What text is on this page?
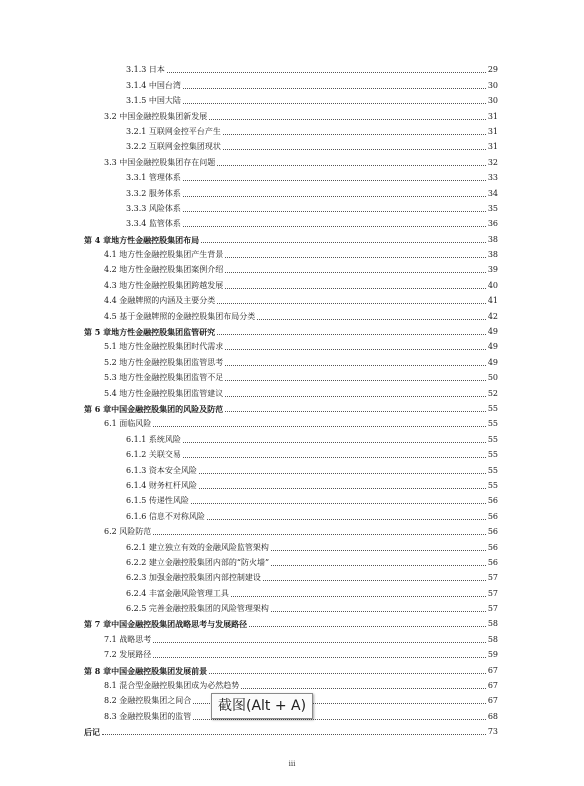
3.1.3 日本	29
3.1.4 中国台湾	30
3.1.5 中国大陆	30
3.2 中国金融控股集团新发展	31
3.2.1 互联网金控平台产生	31
3.2.2 互联网金控集团现状	31
3.3 中国金融控股集团存在问题	32
3.3.1 管理体系	33
3.3.2 服务体系	34
3.3.3 风险体系	35
3.3.4 监管体系	36
第 4 章地方性金融控股集团布局	38
4.1 地方性金融控股集团产生背景	38
4.2 地方性金融控股集团案例介绍	39
4.3 地方性金融控股集团跨越发展	40
4.4 金融牌照的内涵及主要分类	41
4.5 基于金融牌照的金融控股集团布局分类	42
第 5 章地方性金融控股集团监管研究	49
5.1 地方性金融控股集团时代需求	49
5.2 地方性金融控股集团监管思考	49
5.3 地方性金融控股集团监管不足	50
5.4 地方性金融控股集团监管建议	52
第 6 章中国金融控股集团的风险及防范	55
6.1 面临风险	55
6.1.1 系统风险	55
6.1.2 关联交易	55
6.1.3 资本安全风险	55
6.1.4 财务杠杆风险	55
6.1.5 传递性风险	56
6.1.6 信息不对称风险	56
6.2 风险防范	56
6.2.1 建立独立有效的金融风险监管架构	56
6.2.2 建立金融控股集团内部的“防火墙”	56
6.2.3 加强金融控股集团内部控制建设	57
6.2.4 丰富金融风险管理工具	57
6.2.5 完善金融控股集团的风险管理架构	57
第 7 章中国金融控股集团战略思考与发展路径	58
7.1 战略思考	58
7.2 发展路径	59
第 8 章中国金融控股集团发展前景	67
8.1 混合型金融控股集团成为必然趋势	67
8.2 金融控股集团之间合	67
8.3 金融控股集团的监管	68
后记	73
iii
截图(Alt + A)
